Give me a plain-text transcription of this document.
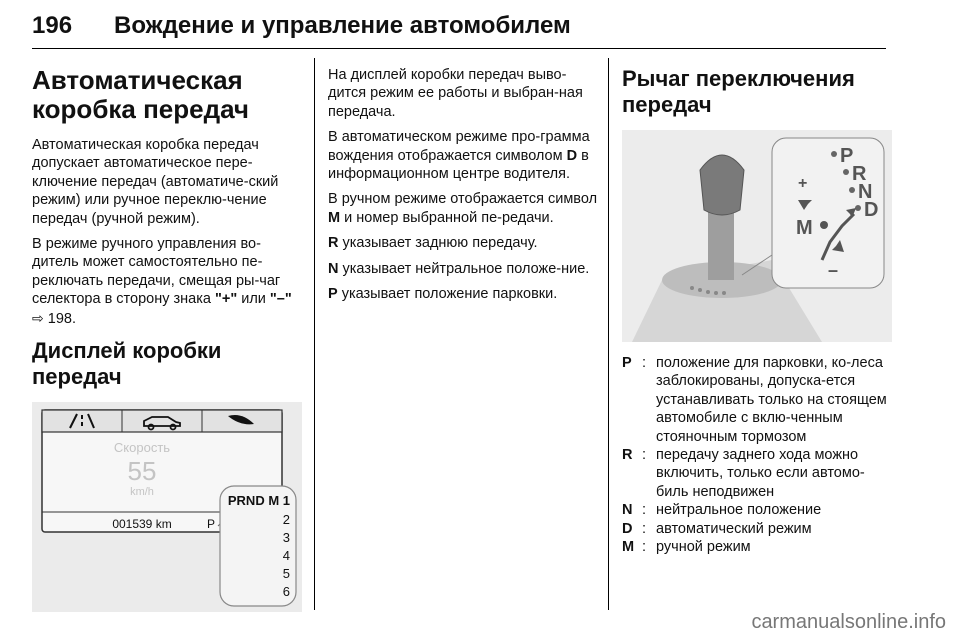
196 Вождение и управление автомобилем
Автоматическая
коробка передач

Автоматическая коробка передач допускает автоматическое пере-ключение передач (автоматиче-ский режим) или ручное переклю-чение передач (ручной режим).

В режиме ручного управления во-дитель может самостоятельно пе-реключать передачи, смещая ры-чаг селектора в сторону знака "+" или "–" ⇨ 198.

Дисплей коробки передач
Скорость
55
km/h
001539 km	P
PRND M 1
2
3
4
5
6

На дисплей коробки передач выво-дится режим ее работы и выбран-ная передача.

В автоматическом режиме про-грамма вождения отображается символом D в информационном центре водителя.

В ручном режиме отображается символ M и номер выбранной пе-редачи.

R указывает заднюю передачу.

N указывает нейтральное положе-ние.

P указывает положение парковки.

Рычаг переключения
передач
P
R
N
D
M
+
–
P : положение для парковки, ко-леса заблокированы, допуска-ется устанавливать только на стоящем автомобиле с вклю-ченным стояночным тормозом
R : передачу заднего хода можно включить, только если автомо-биль неподвижен
N : нейтральное положение
D : автоматический режим
M : ручной режим
carmanualsonline.info
